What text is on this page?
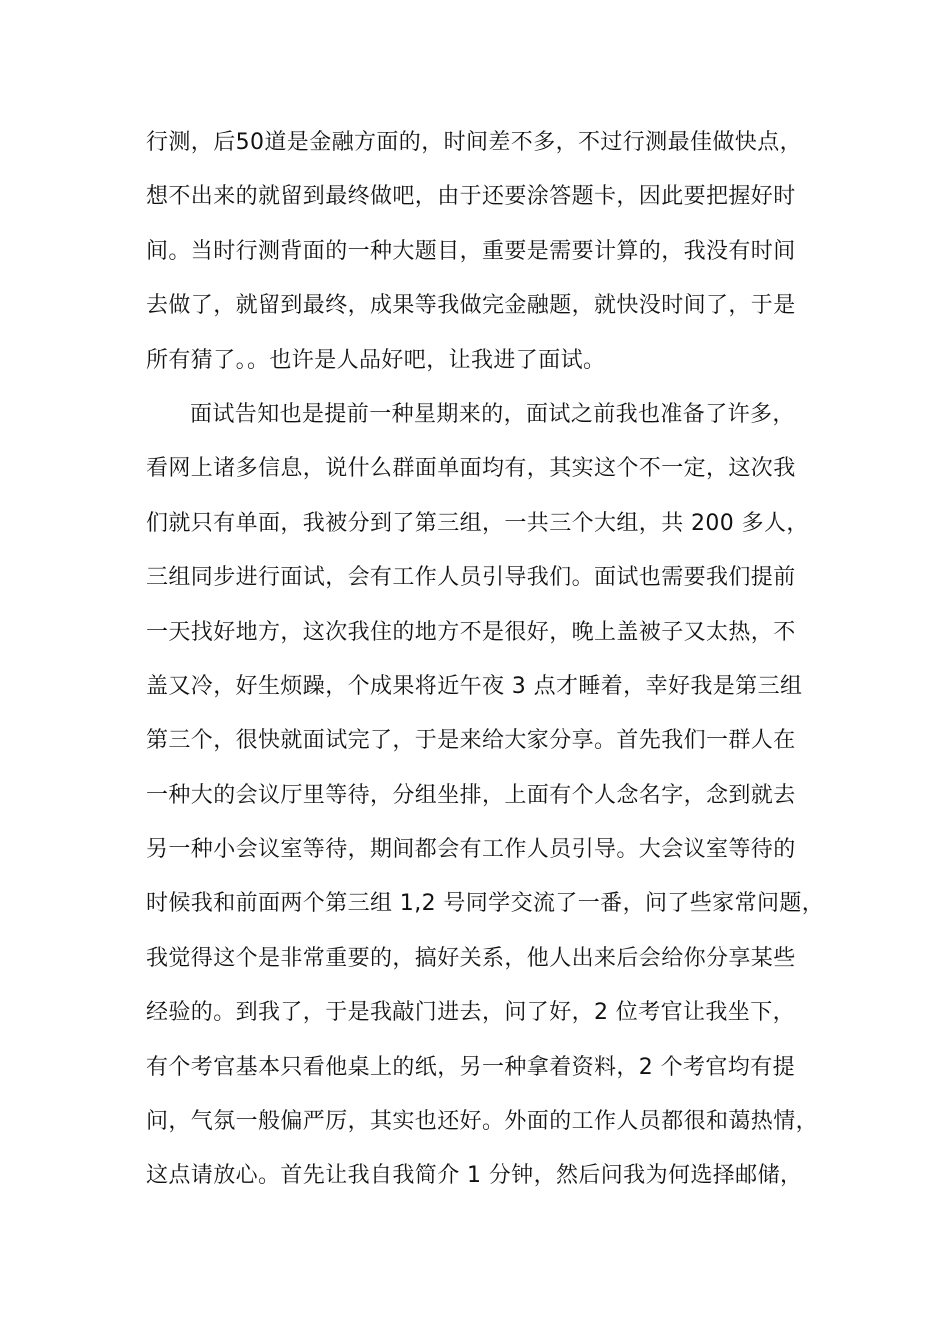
行测，后50道是金融方面的，时间差不多，不过行测最佳做快点，
想不出来的就留到最终做吧，由于还要涂答题卡，因此要把握好时
间。当时行测背面的一种大题目，重要是需要计算的，我没有时间
去做了，就留到最终，成果等我做完金融题，就快没时间了，于是
所有猜了。。也许是人品好吧，让我进了面试。
面试告知也是提前一种星期来的，面试之前我也准备了许多，
看网上诸多信息，说什么群面单面均有，其实这个不一定，这次我
们就只有单面，我被分到了第三组，一共三个大组，共 200 多人，
三组同步进行面试，会有工作人员引导我们。面试也需要我们提前
一天找好地方，这次我住的地方不是很好，晚上盖被子又太热，不
盖又冷，好生烦躁，个成果将近午夜 3 点才睡着，幸好我是第三组
第三个，很快就面试完了，于是来给大家分享。首先我们一群人在
一种大的会议厅里等待，分组坐排，上面有个人念名字，念到就去
另一种小会议室等待，期间都会有工作人员引导。大会议室等待的
时候我和前面两个第三组 1,2 号同学交流了一番，问了些家常问题，
我觉得这个是非常重要的，搞好关系，他人出来后会给你分享某些
经验的。到我了，于是我敲门进去，问了好，2 位考官让我坐下，
有个考官基本只看他桌上的纸，另一种拿着资料，2 个考官均有提
问，气氛一般偏严厉，其实也还好。外面的工作人员都很和蔼热情，
这点请放心。首先让我自我简介 1 分钟，然后问我为何选择邮储，
